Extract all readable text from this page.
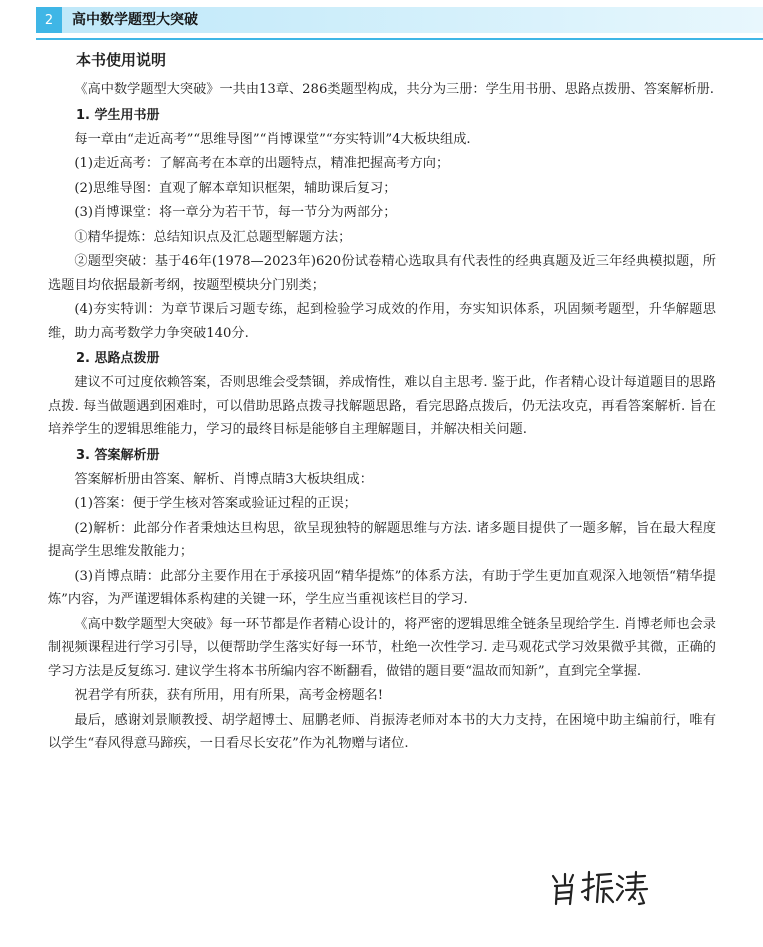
2	高中数学题型大突破
本书使用说明

《高中数学题型大突破》一共由13章、286类题型构成，共分为三册：学生用书册、思路点拨册、答案解析册.

1. 学生用书册

每一章由“走近高考”“思维导图”“肖博课堂”“夯实特训”4大板块组成.

(1)走近高考：了解高考在本章的出题特点，精准把握高考方向；

(2)思维导图：直观了解本章知识框架，辅助课后复习；

(3)肖博课堂：将一章分为若干节，每一节分为两部分；

①精华提炼：总结知识点及汇总题型解题方法；

②题型突破：基于46年(1978—2023年)620份试卷精心选取具有代表性的经典真题及近三年经典模拟题，所选题目均依据最新考纲，按题型模块分门别类；

(4)夯实特训：为章节课后习题专练，起到检验学习成效的作用，夯实知识体系，巩固频考题型，升华解题思维，助力高考数学力争突破140分.

2. 思路点拨册

建议不可过度依赖答案，否则思维会受禁锢，养成惰性，难以自主思考. 鉴于此，作者精心设计每道题目的思路点拨. 每当做题遇到困难时，可以借助思路点拨寻找解题思路，看完思路点拨后，仍无法攻克，再看答案解析. 旨在培养学生的逻辑思维能力，学习的最终目标是能够自主理解题目，并解决相关问题.

3. 答案解析册

答案解析册由答案、解析、肖博点睛3大板块组成：

(1)答案：便于学生核对答案或验证过程的正误；

(2)解析：此部分作者秉烛达旦构思，欲呈现独特的解题思维与方法. 诸多题目提供了一题多解，旨在最大程度提高学生思维发散能力；

(3)肖博点睛：此部分主要作用在于承接巩固“精华提炼”的体系方法，有助于学生更加直观深入地领悟“精华提炼”内容，为严谨逻辑体系构建的关键一环，学生应当重视该栏目的学习.

《高中数学题型大突破》每一环节都是作者精心设计的，将严密的逻辑思维全链条呈现给学生. 肖博老师也会录制视频课程进行学习引导，以便帮助学生落实好每一环节，杜绝一次性学习. 走马观花式学习效果微乎其微，正确的学习方法是反复练习. 建议学生将本书所编内容不断翻看，做错的题目要“温故而知新”，直到完全掌握.

祝君学有所获，获有所用，用有所果，高考金榜题名!

最后，感谢刘景顺教授、胡学超博士、屈鹏老师、肖振涛老师对本书的大力支持，在困境中助主编前行，唯有以学生“春风得意马蹄疾，一日看尽长安花”作为礼物赠与诸位.
